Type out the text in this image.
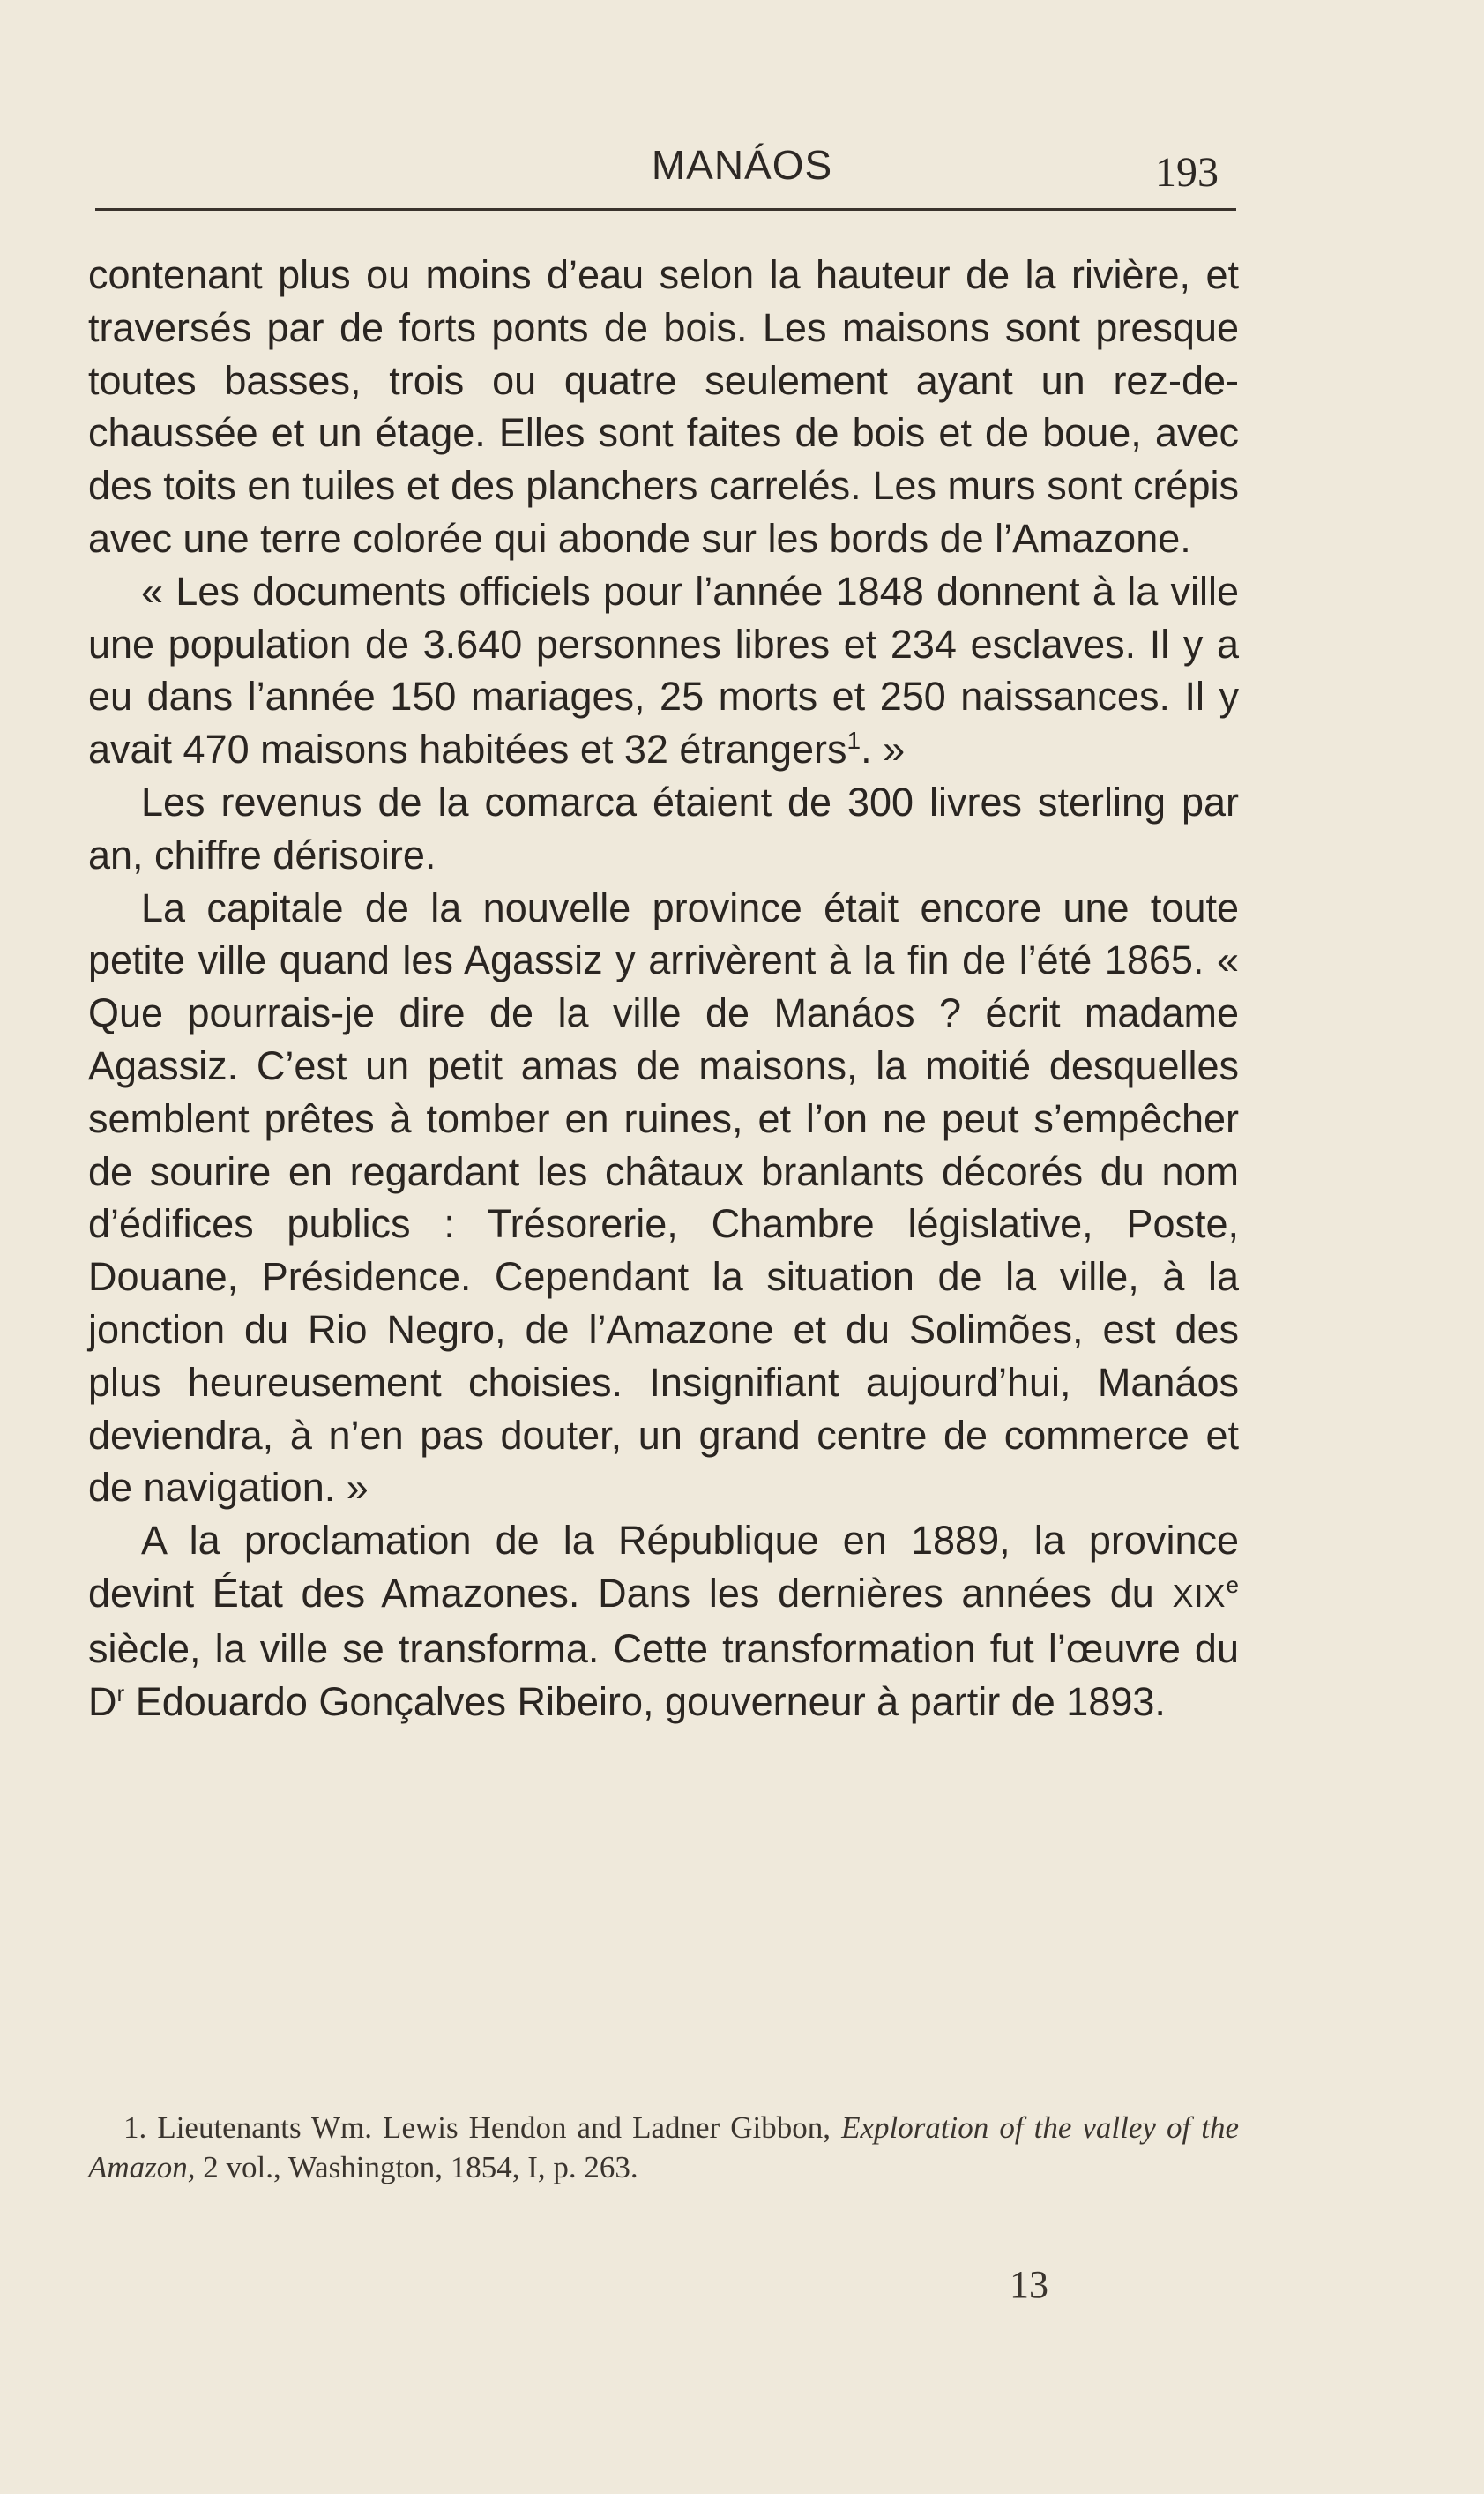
MANÁOS	193

contenant plus ou moins d’eau selon la hauteur de la rivière, et traversés par de forts ponts de bois. Les maisons sont presque toutes basses, trois ou quatre seulement ayant un rez-de-chaussée et un étage. Elles sont faites de bois et de boue, avec des toits en tuiles et des planchers carrelés. Les murs sont crépis avec une terre colorée qui abonde sur les bords de l’Amazone.

« Les documents officiels pour l’année 1848 donnent à la ville une population de 3.640 personnes libres et 234 esclaves. Il y a eu dans l’année 150 mariages, 25 morts et 250 naissances. Il y avait 470 maisons habitées et 32 étrangers$^1$. »

Les revenus de la comarca étaient de 300 livres sterling par an, chiffre dérisoire.

La capitale de la nouvelle province était encore une toute petite ville quand les Agassiz y arrivèrent à la fin de l’été 1865. « Que pourrais-je dire de la ville de Manáos ? écrit madame Agassiz. C’est un petit amas de maisons, la moitié desquelles semblent prêtes à tomber en ruines, et l’on ne peut s’empêcher de sourire en regardant les châtaux branlants décorés du nom d’édifices publics : Trésorerie, Chambre législative, Poste, Douane, Présidence. Cependant la situation de la ville, à la jonction du Rio Negro, de l’Amazone et du Solimões, est des plus heureusement choisies. Insignifiant aujourd’hui, Manáos deviendra, à n’en pas douter, un grand centre de commerce et de navigation. »

A la proclamation de la République en 1889, la province devint État des Amazones. Dans les dernières années du XIXe siècle, la ville se transforma. Cette transformation fut l’œuvre du $D^r$ Edouardo Gonçalves Ribeiro, gouverneur à partir de 1893.

1. Lieutenants Wm. Lewis Hendon and Ladner Gibbon, Exploration of the valley of the Amazon, 2 vol., Washington, 1854, I, p. 263.

13
